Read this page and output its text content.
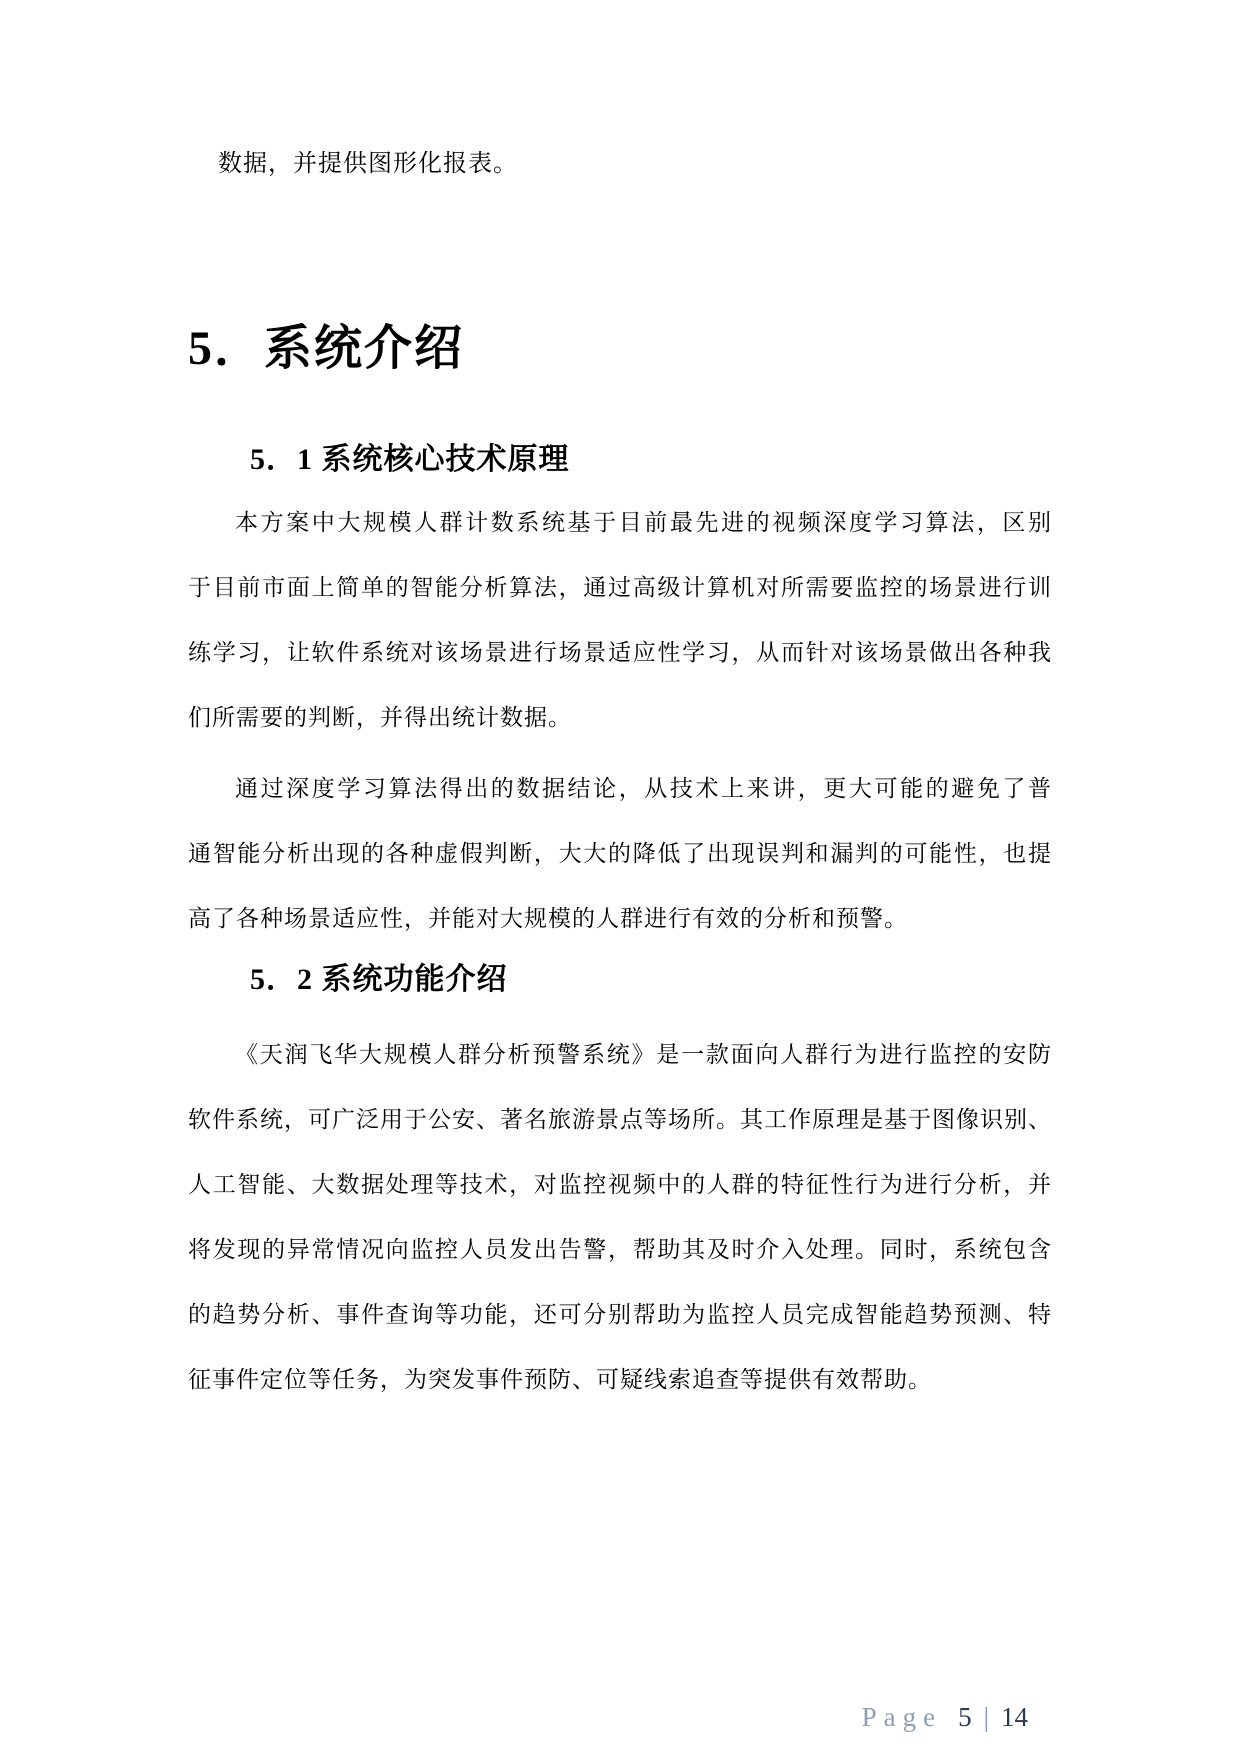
数据，并提供图形化报表。
5．系统介绍
5．1 系统核心技术原理
本方案中大规模人群计数系统基于目前最先进的视频深度学习算法，区别
于目前市面上简单的智能分析算法，通过高级计算机对所需要监控的场景进行训
练学习，让软件系统对该场景进行场景适应性学习，从而针对该场景做出各种我
们所需要的判断，并得出统计数据。
通过深度学习算法得出的数据结论，从技术上来讲，更大可能的避免了普
通智能分析出现的各种虚假判断，大大的降低了出现误判和漏判的可能性，也提
高了各种场景适应性，并能对大规模的人群进行有效的分析和预警。
5．2 系统功能介绍
《天润飞华大规模人群分析预警系统》是一款面向人群行为进行监控的安防
软件系统，可广泛用于公安、著名旅游景点等场所。其工作原理是基于图像识别、
人工智能、大数据处理等技术，对监控视频中的人群的特征性行为进行分析，并
将发现的异常情况向监控人员发出告警，帮助其及时介入处理。同时，系统包含
的趋势分析、事件查询等功能，还可分别帮助为监控人员完成智能趋势预测、特
征事件定位等任务，为突发事件预防、可疑线索追查等提供有效帮助。
Page 5 | 14
